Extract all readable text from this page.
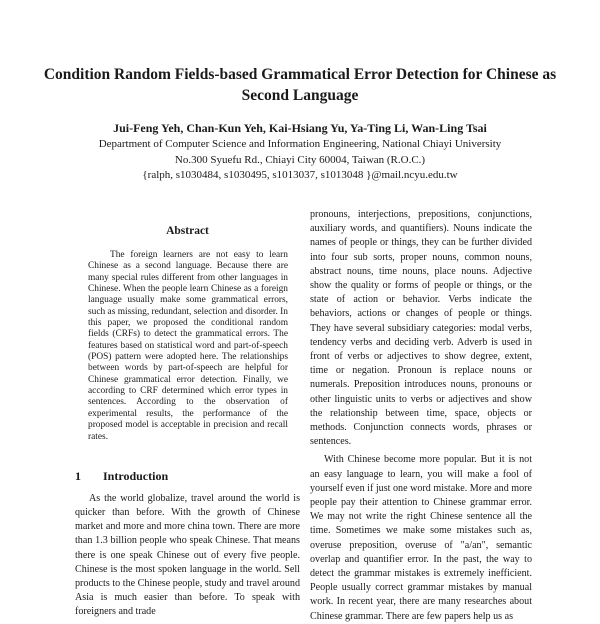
Condition Random Fields-based Grammatical Error Detection for Chinese as Second Language
Jui-Feng Yeh, Chan-Kun Yeh, Kai-Hsiang Yu, Ya-Ting Li, Wan-Ling Tsai
Department of Computer Science and Information Engineering, National Chiayi University
No.300 Syuefu Rd., Chiayi City 60004, Taiwan (R.O.C.)
{ralph, s1030484, s1030495, s1013037, s1013048 }@mail.ncyu.edu.tw
Abstract

The foreign learners are not easy to learn Chinese as a second language. Because there are many special rules different from other languages in Chinese. When the people learn Chinese as a foreign language usually make some grammatical errors, such as missing, redundant, selection and disorder. In this paper, we proposed the conditional random fields (CRFs) to detect the grammatical errors. The features based on statistical word and part-of-speech (POS) pattern were adopted here. The relationships between words by part-of-speech are helpful for Chinese grammatical error detection. Finally, we according to CRF determined which error types in sentences. According to the observation of experimental results, the performance of the proposed model is acceptable in precision and recall rates.

1 Introduction

As the world globalize, travel around the world is quicker than before. With the growth of Chinese market and more and more china town. There are more than 1.3 billion people who speak Chinese. That means there is one speak Chinese out of every five people. Chinese is the most spoken language in the world. Sell products to the Chinese people, study and travel around Asia is much easier than before. To speak with foreigners and trade

pronouns, interjections, prepositions, conjunctions, auxiliary words, and quantifiers). Nouns indicate the names of people or things, they can be further divided into four sub sorts, proper nouns, common nouns, abstract nouns, time nouns, place nouns. Adjective show the quality or forms of people or things, or the state of action or behavior. Verbs indicate the behaviors, actions or changes of people or things. They have several subsidiary categories: modal verbs, tendency verbs and deciding verb. Adverb is used in front of verbs or adjectives to show degree, extent, time or negation. Pronoun is replace nouns or numerals. Preposition introduces nouns, pronouns or other linguistic units to verbs or adjectives and show the relationship between time, space, objects or methods. Conjunction connects words, phrases or sentences.

With Chinese become more popular. But it is not an easy language to learn, you will make a fool of yourself even if just one word mistake. More and more people pay their attention to Chinese grammar error. We may not write the right Chinese sentence all the time. Sometimes we make some mistakes such as, overuse preposition, overuse of "a/an", semantic overlap and quantifier error. In the past, the way to detect the grammar mistakes is extremely inefficient. People usually correct grammar mistakes by manual work. In recent year, there are many researches about Chinese grammar. There are few papers help us as
